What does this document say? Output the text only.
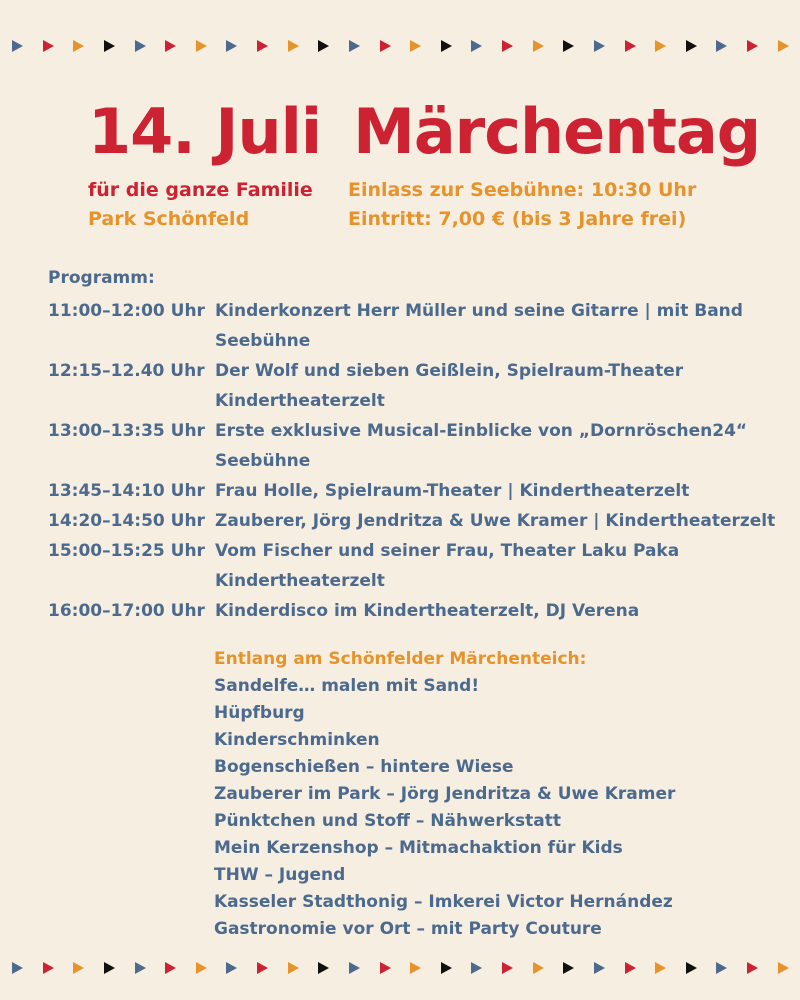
14. Juli Märchentag
für die ganze Familie
Park Schönfeld
Einlass zur Seebühne: 10:30 Uhr
Eintritt: 7,00 € (bis 3 Jahre frei)
Programm:
11:00–12:00 Uhr Kinderkonzert Herr Müller und seine Gitarre | mit Band
Seebühne
12:15–12.40 Uhr Der Wolf und sieben Geißlein, Spielraum-Theater
Kindertheaterzelt
13:00–13:35 Uhr Erste exklusive Musical-Einblicke von „Dornröschen24“
Seebühne
13:45–14:10 Uhr Frau Holle, Spielraum-Theater | Kindertheaterzelt
14:20–14:50 Uhr Zauberer, Jörg Jendritza & Uwe Kramer | Kindertheaterzelt
15:00–15:25 Uhr Vom Fischer und seiner Frau, Theater Laku Paka
Kindertheaterzelt
16:00–17:00 Uhr Kinderdisco im Kindertheaterzelt, DJ Verena
Entlang am Schönfelder Märchenteich:
Sandelfe… malen mit Sand!
Hüpfburg
Kinderschminken
Bogenschießen – hintere Wiese
Zauberer im Park – Jörg Jendritza & Uwe Kramer
Pünktchen und Stoff – Nähwerkstatt
Mein Kerzenshop – Mitmachaktion für Kids
THW – Jugend
Kasseler Stadthonig – Imkerei Victor Hernández
Gastronomie vor Ort – mit Party Couture
